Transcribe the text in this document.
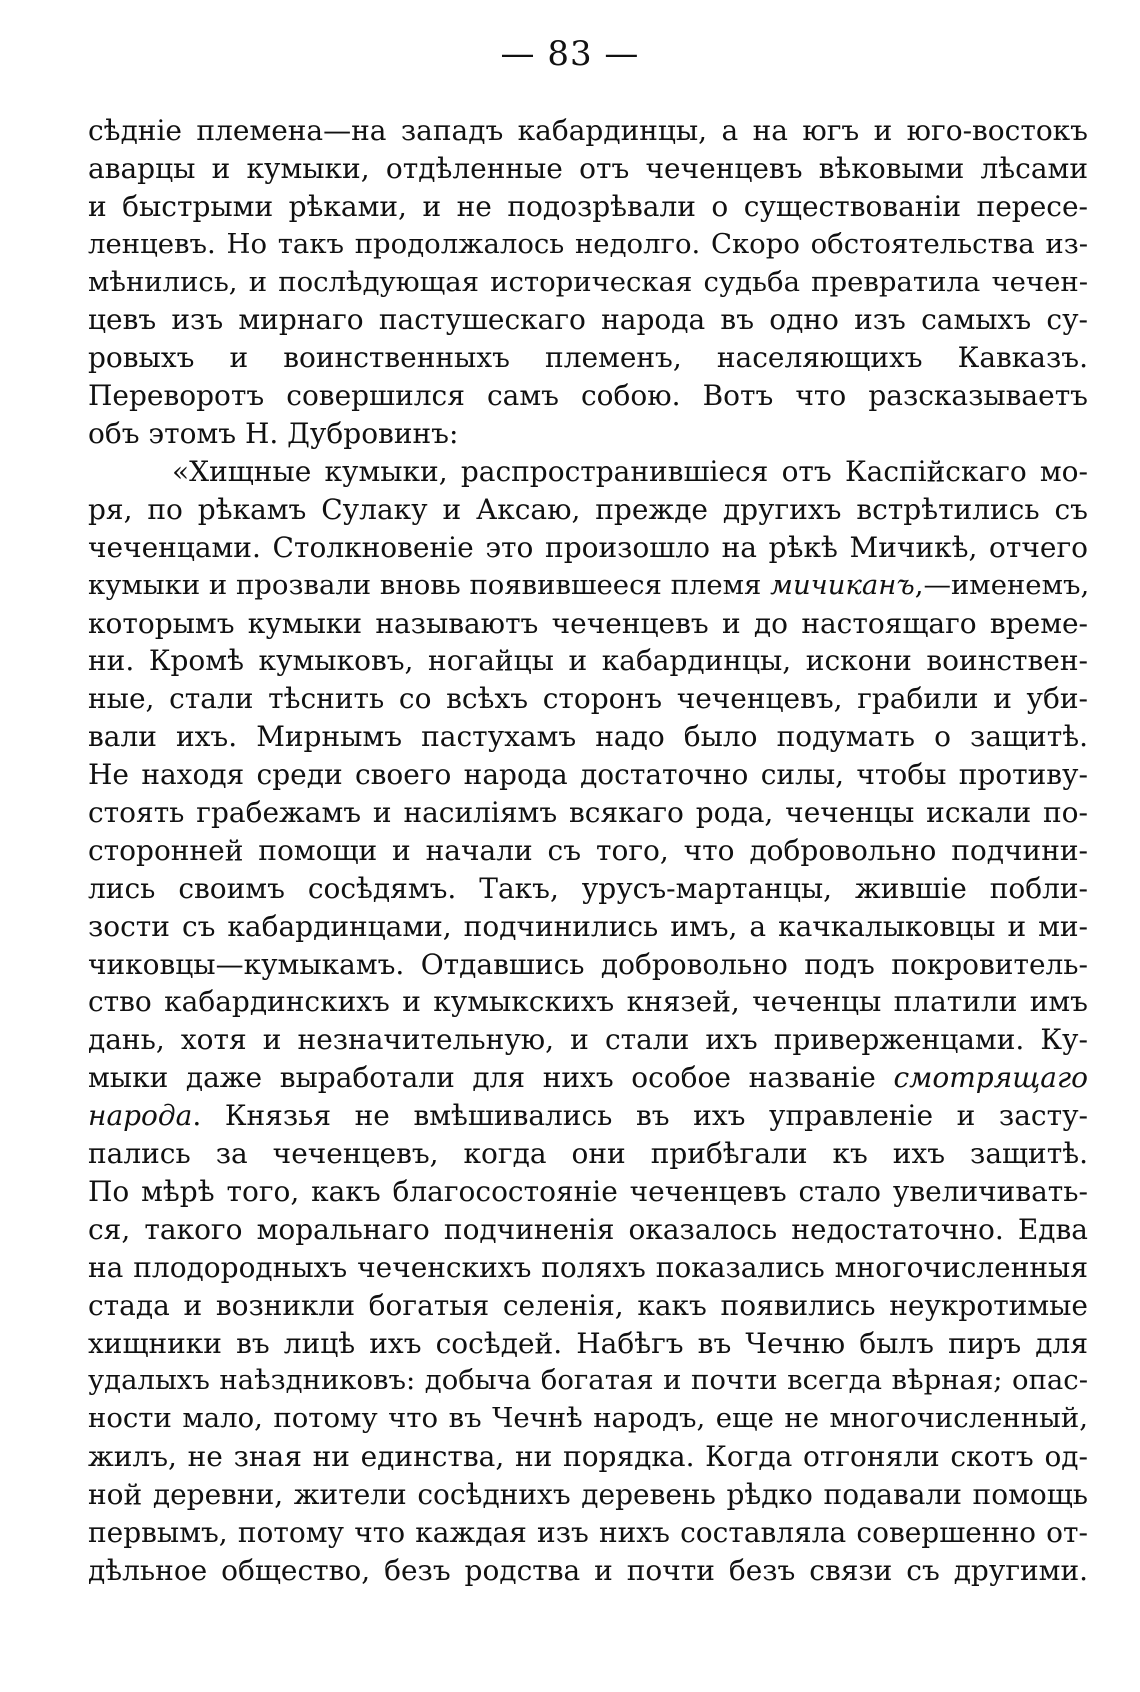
— 83 —
сѣдніе племена—на западъ кабардинцы, а на югъ и юго-востокъ
аварцы и кумыки, отдѣленные отъ чеченцевъ вѣковыми лѣсами
и быстрыми рѣками, и не подозрѣвали о существованіи пересе-
ленцевъ. Но такъ продолжалось недолго. Скоро обстоятельства из-
мѣнились, и послѣдующая историческая судьба превратила чечен-
цевъ изъ мирнаго пастушескаго народа въ одно изъ самыхъ су-
ровыхъ и воинственныхъ племенъ, населяющихъ Кавказъ.
Переворотъ совершился самъ собою. Вотъ что разсказываетъ
объ этомъ Н. Дубровинъ:
«Хищные кумыки, распространившіеся отъ Каспійскаго мо-
ря, по рѣкамъ Сулаку и Аксаю, прежде другихъ встрѣтились съ
чеченцами. Столкновеніе это произошло на рѣкѣ Мичикѣ, отчего
кумыки и прозвали вновь появившееся племя мичиканъ,—именемъ,
которымъ кумыки называютъ чеченцевъ и до настоящаго време-
ни. Кромѣ кумыковъ, ногайцы и кабардинцы, искони воинствен-
ные, стали тѣснить со всѣхъ сторонъ чеченцевъ, грабили и уби-
вали ихъ. Мирнымъ пастухамъ надо было подумать о защитѣ.
Не находя среди своего народа достаточно силы, чтобы противу-
стоять грабежамъ и насиліямъ всякаго рода, чеченцы искали по-
сторонней помощи и начали съ того, что добровольно подчини-
лись своимъ сосѣдямъ. Такъ, урусъ-мартанцы, жившіе побли-
зости съ кабардинцами, подчинились имъ, а качкалыковцы и ми-
чиковцы—кумыкамъ. Отдавшись добровольно подъ покровитель-
ство кабардинскихъ и кумыкскихъ князей, чеченцы платили имъ
дань, хотя и незначительную, и стали ихъ приверженцами. Ку-
мыки даже выработали для нихъ особое названіе смотрящаго
народа. Князья не вмѣшивались въ ихъ управленіе и засту-
пались за чеченцевъ, когда они прибѣгали къ ихъ защитѣ.
По мѣрѣ того, какъ благосостояніе чеченцевъ стало увеличивать-
ся, такого моральнаго подчиненія оказалось недостаточно. Едва
на плодородныхъ чеченскихъ поляхъ показались многочисленныя
стада и возникли богатыя селенія, какъ появились неукротимые
хищники въ лицѣ ихъ сосѣдей. Набѣгъ въ Чечню былъ пиръ для
удалыхъ наѣздниковъ: добыча богатая и почти всегда вѣрная; опас-
ности мало, потому что въ Чечнѣ народъ, еще не многочисленный,
жилъ, не зная ни единства, ни порядка. Когда отгоняли скотъ од-
ной деревни, жители сосѣднихъ деревень рѣдко подавали помощь
первымъ, потому что каждая изъ нихъ составляла совершенно от-
дѣльное общество, безъ родства и почти безъ связи съ другими.
